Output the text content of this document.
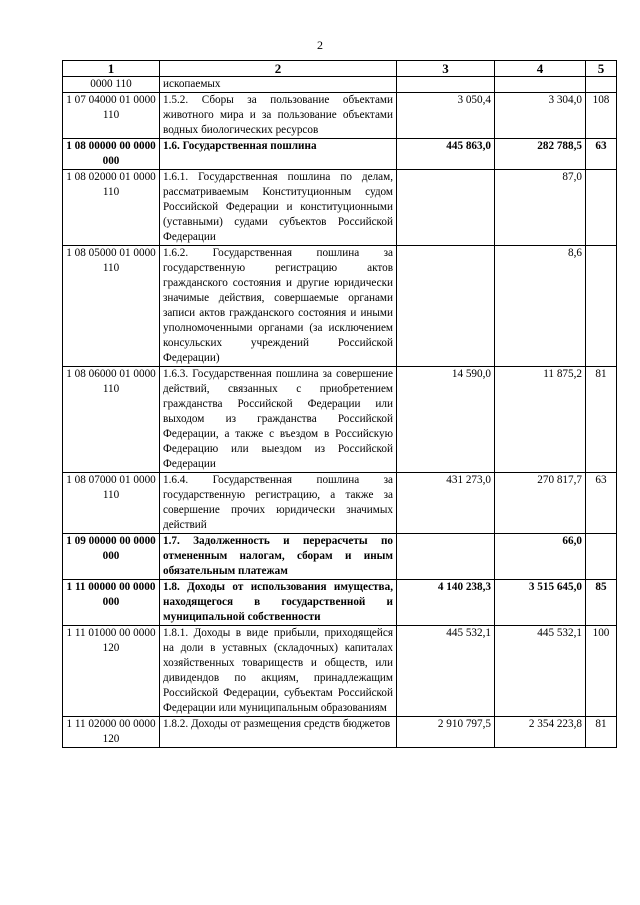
2
1	2	3	4	5
0000 110	ископаемых			
1 07 04000 01 0000 110	1.5.2. Сборы за пользование объектами животного мира и за пользование объектами водных биологических ресурсов	3 050,4	3 304,0	108
1 08 00000 00 0000 000	1.6. Государственная пошлина	445 863,0	282 788,5	63
1 08 02000 01 0000 110	1.6.1. Государственная пошлина по делам, рассматриваемым Конституционным судом Российской Федерации и конституционными (уставными) судами субъектов Российской Федерации		87,0	
1 08 05000 01 0000 110	1.6.2. Государственная пошлина за государственную регистрацию актов гражданского состояния и другие юридически значимые действия, совершаемые органами записи актов гражданского состояния и иными уполномоченными органами (за исключением консульских учреждений Российской Федерации)		8,6	
1 08 06000 01 0000 110	1.6.3. Государственная пошлина за совершение действий, связанных с приобретением гражданства Российской Федерации или выходом из гражданства Российской Федерации, а также с въездом в Российскую Федерацию или выездом из Российской Федерации	14 590,0	11 875,2	81
1 08 07000 01 0000 110	1.6.4. Государственная пошлина за государственную регистрацию, а также за совершение прочих юридически значимых действий	431 273,0	270 817,7	63
1 09 00000 00 0000 000	1.7. Задолженность и перерасчеты по отмененным налогам, сборам и иным обязательным платежам		66,0	
1 11 00000 00 0000 000	1.8. Доходы от использования имущества, находящегося в государственной и муниципальной собственности	4 140 238,3	3 515 645,0	85
1 11 01000 00 0000 120	1.8.1. Доходы в виде прибыли, приходящейся на доли в уставных (складочных) капиталах хозяйственных товариществ и обществ, или дивидендов по акциям, принадлежащим Российской Федерации, субъектам Российской Федерации или муниципальным образованиям	445 532,1	445 532,1	100
1 11 02000 00 0000 120	1.8.2. Доходы от размещения средств бюджетов	2 910 797,5	2 354 223,8	81
